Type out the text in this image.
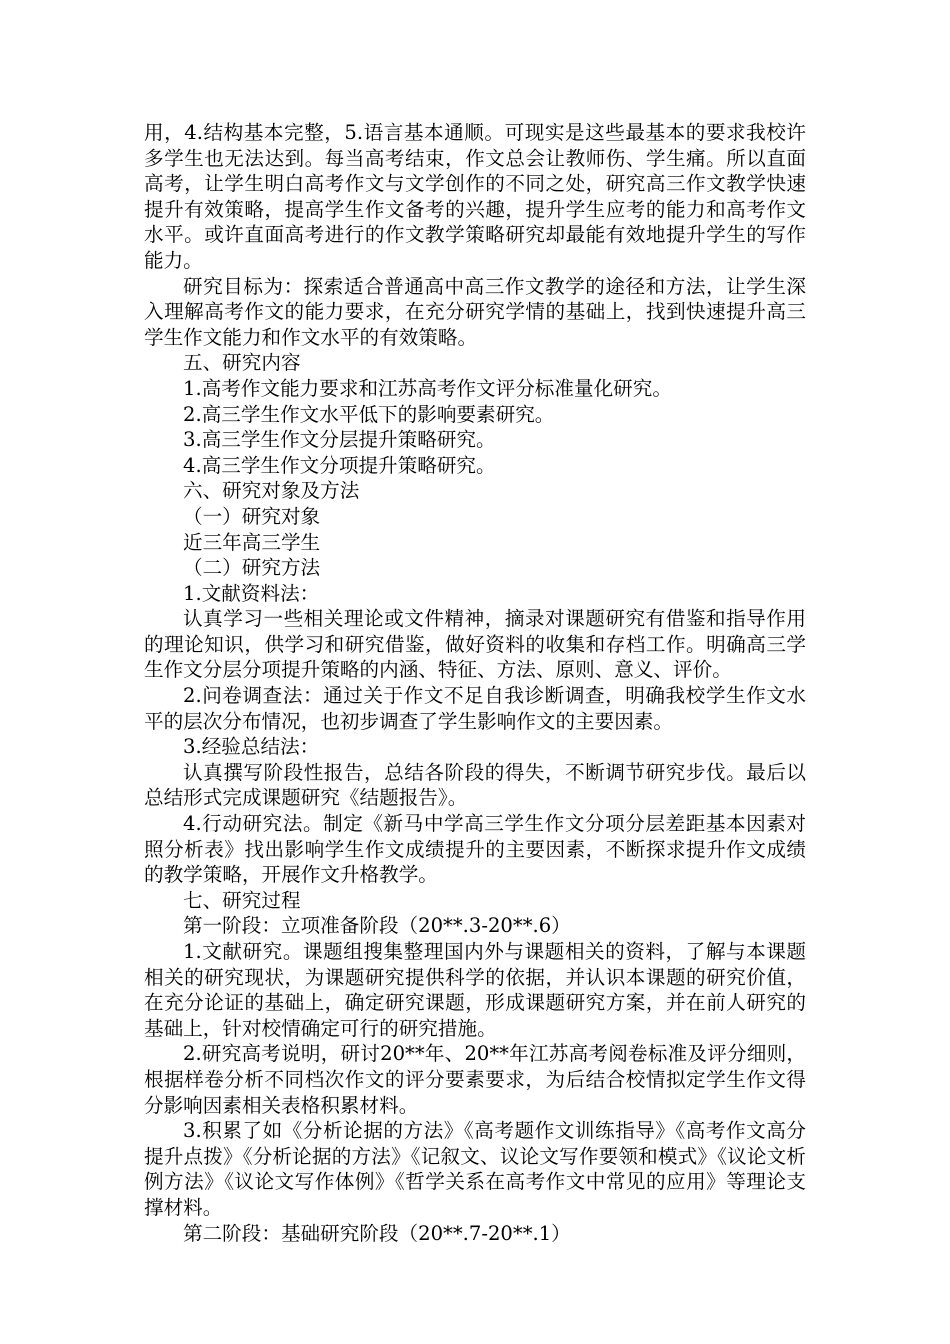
用，4.结构基本完整，5.语言基本通顺。可现实是这些最基本的要求我校许多学生也无法达到。每当高考结束，作文总会让教师伤、学生痛。所以直面高考，让学生明白高考作文与文学创作的不同之处，研究高三作文教学快速提升有效策略，提高学生作文备考的兴趣，提升学生应考的能力和高考作文水平。或许直面高考进行的作文教学策略研究却最能有效地提升学生的写作能力。

研究目标为：探索适合普通高中高三作文教学的途径和方法，让学生深入理解高考作文的能力要求，在充分研究学情的基础上，找到快速提升高三学生作文能力和作文水平的有效策略。

五、研究内容

1.高考作文能力要求和江苏高考作文评分标准量化研究。

2.高三学生作文水平低下的影响要素研究。

3.高三学生作文分层提升策略研究。

4.高三学生作文分项提升策略研究。

六、研究对象及方法

（一）研究对象

近三年高三学生

（二）研究方法

1.文献资料法：

认真学习一些相关理论或文件精神，摘录对课题研究有借鉴和指导作用的理论知识，供学习和研究借鉴，做好资料的收集和存档工作。明确高三学生作文分层分项提升策略的内涵、特征、方法、原则、意义、评价。

2.问卷调查法：通过关于作文不足自我诊断调查，明确我校学生作文水平的层次分布情况，也初步调查了学生影响作文的主要因素。

3.经验总结法：

认真撰写阶段性报告，总结各阶段的得失，不断调节研究步伐。最后以总结形式完成课题研究《结题报告》。

4.行动研究法。制定《新马中学高三学生作文分项分层差距基本因素对照分析表》找出影响学生作文成绩提升的主要因素，不断探求提升作文成绩的教学策略，开展作文升格教学。

七、研究过程

第一阶段：立项准备阶段（20**.3-20**.6）

1.文献研究。课题组搜集整理国内外与课题相关的资料，了解与本课题相关的研究现状，为课题研究提供科学的依据，并认识本课题的研究价值，在充分论证的基础上，确定研究课题，形成课题研究方案，并在前人研究的基础上，针对校情确定可行的研究措施。

2.研究高考说明，研讨20**年、20**年江苏高考阅卷标准及评分细则，根据样卷分析不同档次作文的评分要素要求，为后结合校情拟定学生作文得分影响因素相关表格积累材料。

3.积累了如《分析论据的方法》《高考题作文训练指导》《高考作文高分提升点拨》《分析论据的方法》《记叙文、议论文写作要领和模式》《议论文析例方法》《议论文写作体例》《哲学关系在高考作文中常见的应用》等理论支撑材料。

第二阶段：基础研究阶段（20**.7-20**.1）
